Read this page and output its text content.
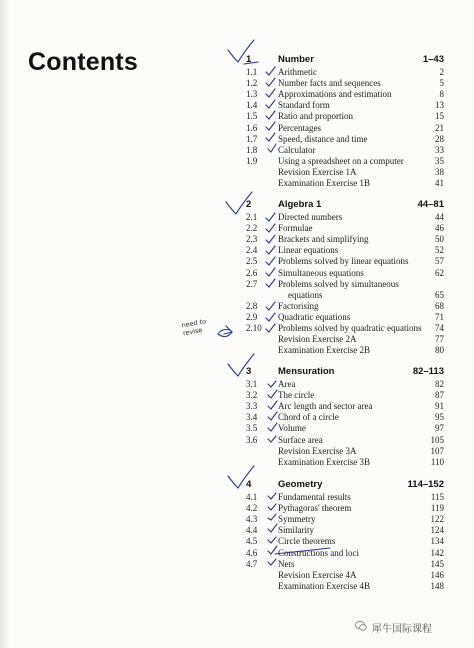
Contents	1	Number	1–43
1.1 Arithmetic	2
1.2 Number facts and sequences	5
1.3 Approximations and estimation	8
1.4 Standard form	13
1.5 Ratio and proportion	15
1.6 Percentages	21
1.7 Speed, distance and time	28
1.8 Calculator	33
1.9 Using a spreadsheet on a computer	35
Revision Exercise 1A	38
Examination Exercise 1B	41
2	Algebra 1	44–81
2.1 Directed numbers	44
2.2 Formulae	46
2.3 Brackets and simplifying	50
2.4 Linear equations	52
2.5 Problems solved by linear equations	57
2.6 Simultaneous equations	62
2.7 Problems solved by simultaneous
equations	65
2.8 Factorising	68
2.9 Quadratic equations	71
2.10 Problems solved by quadratic equations 74
Revision Exercise 2A	77
Examination Exercise 2B	80
3	Mensuration	82–113
3.1 Area	82
3.2 The circle	87
3.3 Arc length and sector area	91
3.4 Chord of a circle	95
3.5 Volume	97
3.6 Surface area	105
Revision Exercise 3A	107
Examination Exercise 3B	110
4	Geometry	114–152
4.1 Fundamental results	115
4.2 Pythagoras' theorem	119
4.3 Symmetry	122
4.4 Similarity	124
4.5 Circle theorems	134
4.6 Constructions and loci	142
4.7 Nets	145
Revision Exercise 4A	146
Examination Exercise 4B	148
need to revise
犀牛国际课程
